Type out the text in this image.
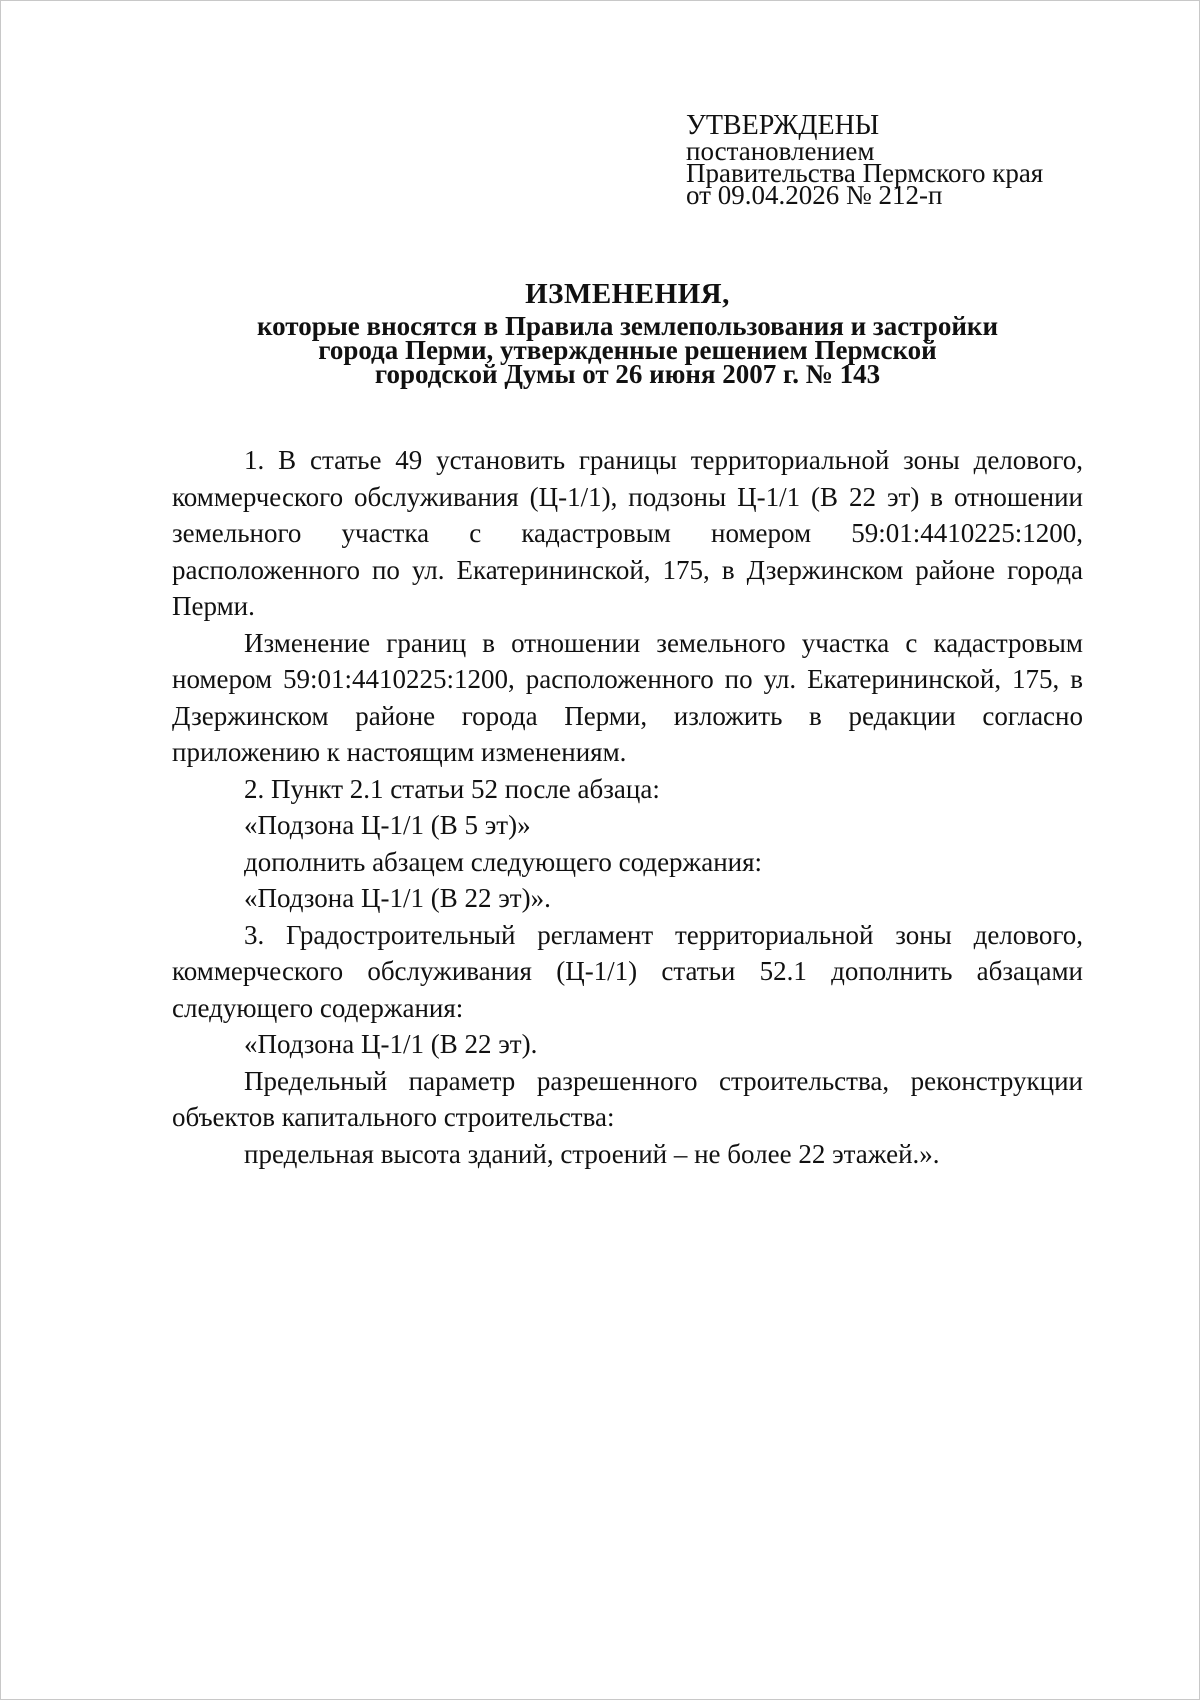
УТВЕРЖДЕНЫ
постановлением
Правительства Пермского края
от 09.04.2026 № 212-п
ИЗМЕНЕНИЯ,
которые вносятся в Правила землепользования и застройки
города Перми, утвержденные решением Пермской
городской Думы от 26 июня 2007 г. № 143

1. В статье 49 установить границы территориальной зоны делового, коммерческого обслуживания (Ц-1/1), подзоны Ц-1/1 (В 22 эт) в отношении земельного участка с кадастровым номером 59:01:4410225:1200, расположенного по ул. Екатерининской, 175, в Дзержинском районе города Перми.

Изменение границ в отношении земельного участка с кадастровым номером 59:01:4410225:1200, расположенного по ул. Екатерининской, 175, в Дзержинском районе города Перми, изложить в редакции согласно приложению к настоящим изменениям.

2. Пункт 2.1 статьи 52 после абзаца:

«Подзона Ц-1/1 (В 5 эт)»

дополнить абзацем следующего содержания:

«Подзона Ц-1/1 (В 22 эт)».

3. Градостроительный регламент территориальной зоны делового, коммерческого обслуживания (Ц-1/1) статьи 52.1 дополнить абзацами следующего содержания:

«Подзона Ц-1/1 (В 22 эт).

Предельный параметр разрешенного строительства, реконструкции объектов капитального строительства:

предельная высота зданий, строений – не более 22 этажей.».
